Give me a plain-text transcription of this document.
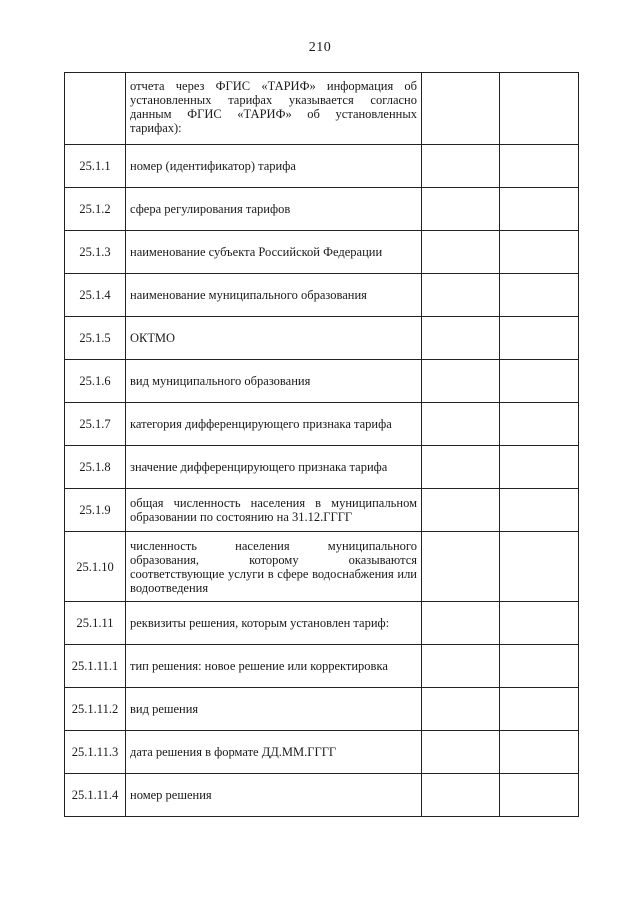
210
	отчета через ФГИС «ТАРИФ» информация об установленных тарифах указывается согласно данным ФГИС «ТАРИФ» об установленных тарифах):		
25.1.1	номер (идентификатор) тарифа		
25.1.2	сфера регулирования тарифов		
25.1.3	наименование субъекта Российской Федерации		
25.1.4	наименование муниципального образования		
25.1.5	ОКТМО		
25.1.6	вид муниципального образования		
25.1.7	категория дифференцирующего признака тарифа		
25.1.8	значение дифференцирующего признака тарифа		
25.1.9	общая численность населения в муниципальном образовании по состоянию на 31.12.ГГГГ		
25.1.10	численность населения муниципального образования, которому оказываются соответствующие услуги в сфере водоснабжения или водоотведения		
25.1.11	реквизиты решения, которым установлен тариф:		
25.1.11.1	тип решения: новое решение или корректировка		
25.1.11.2	вид решения		
25.1.11.3	дата решения в формате ДД.ММ.ГГГГ		
25.1.11.4	номер решения		
